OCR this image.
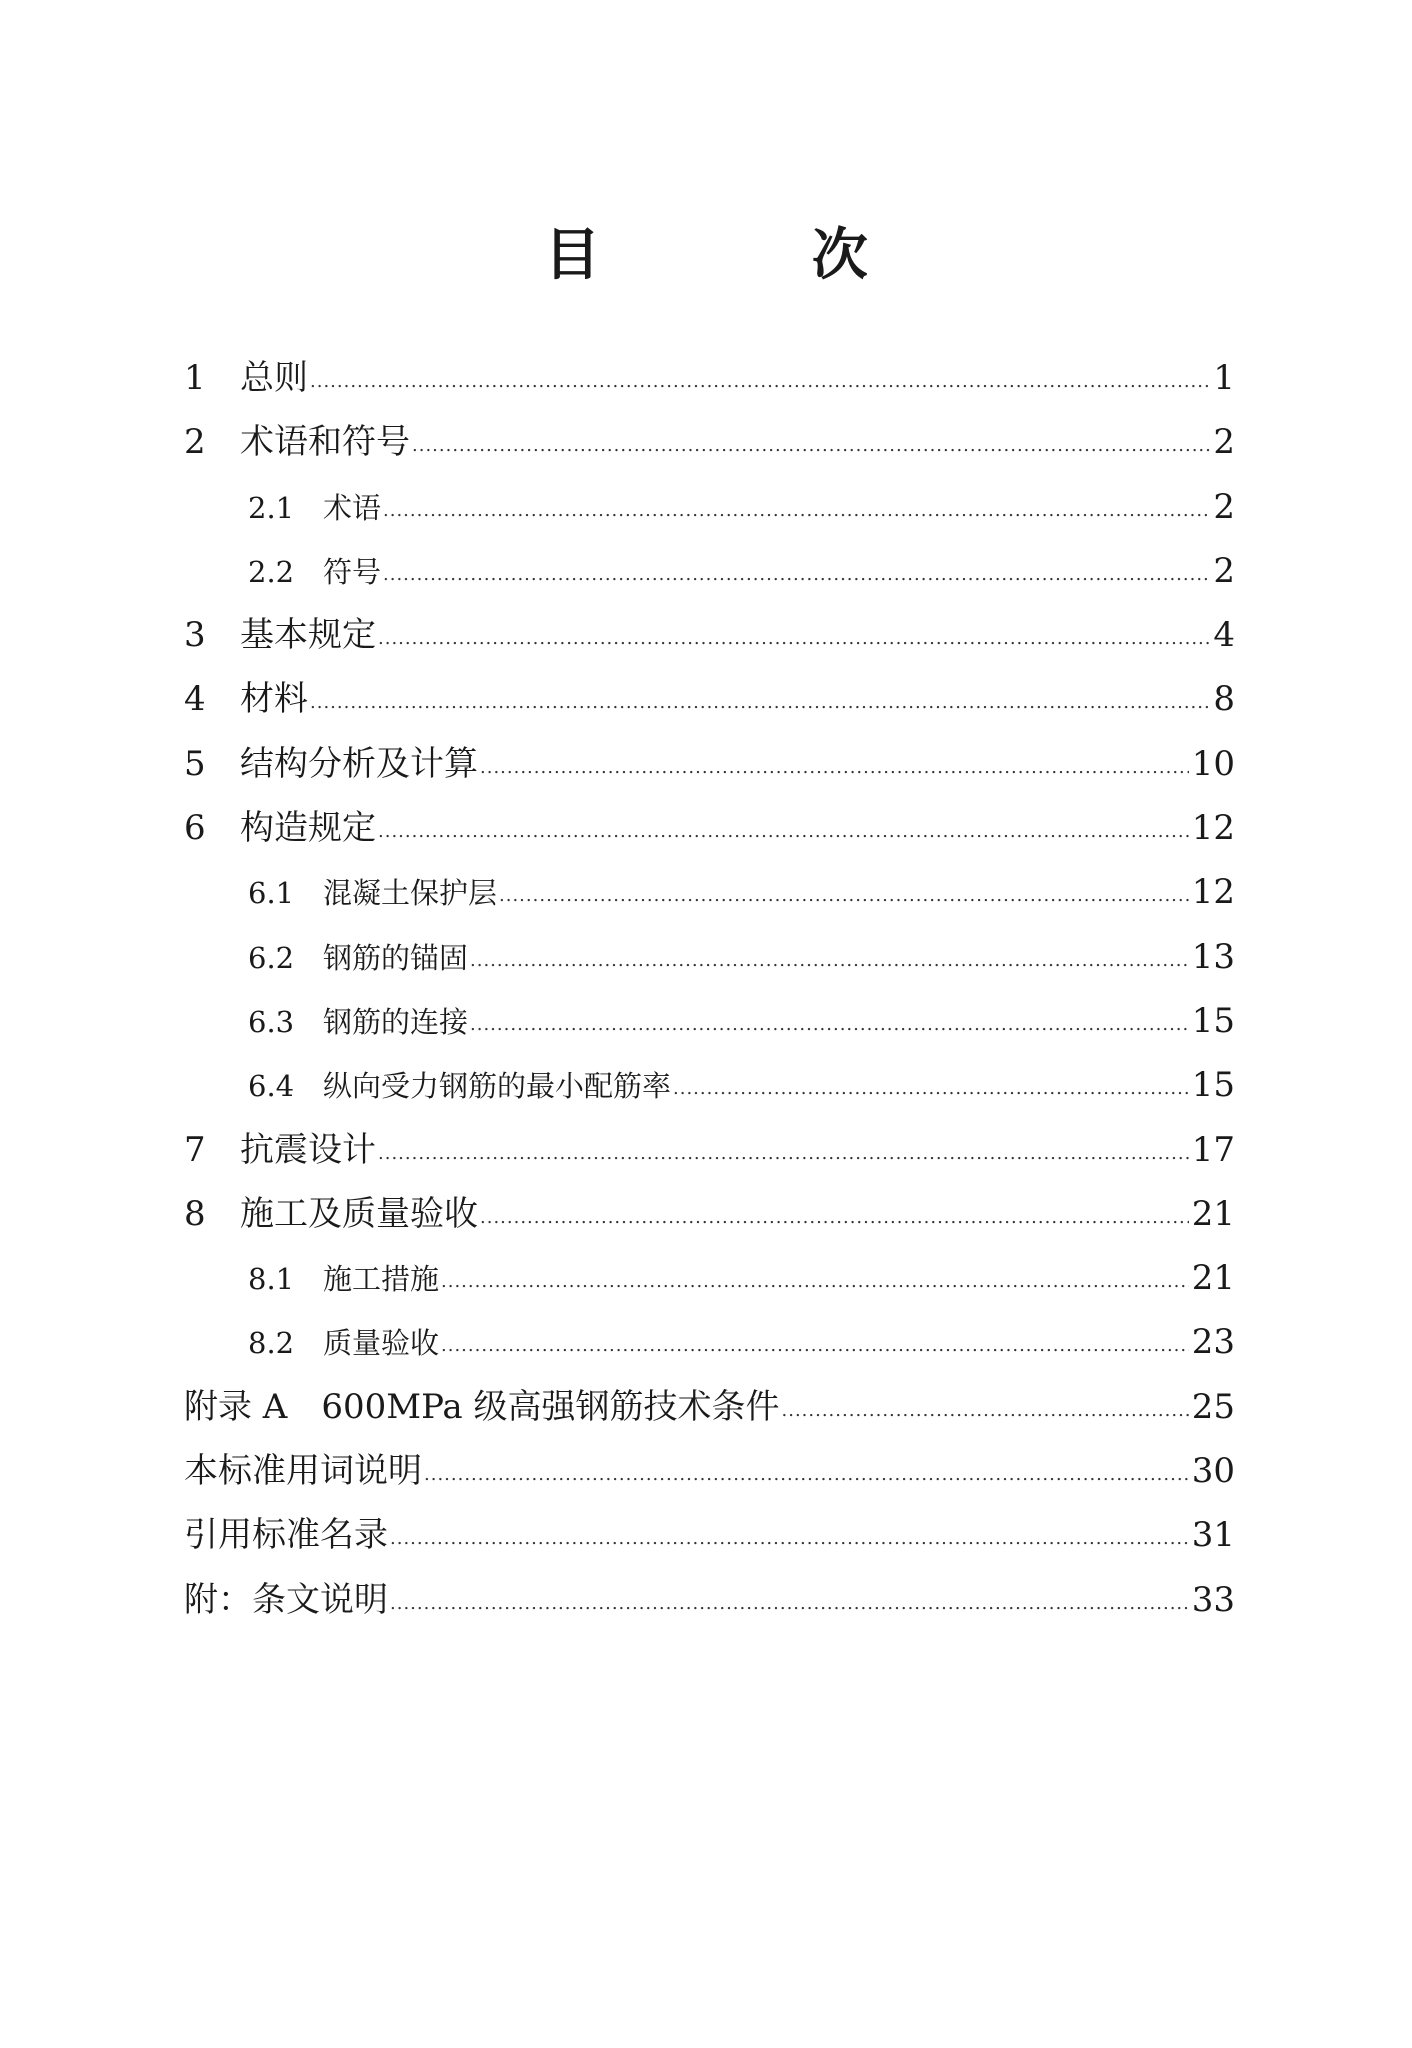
目 次
1	总则 .....	1
2	术语和符号 .....	2
2.1 术语 .....	2
2.2 符号 .....	2
3	基本规定 .....	4
4	材料 .....	8
5	结构分析及计算 .....	10
6	构造规定 .....	12
6.1 混凝土保护层 .....	12
6.2 钢筋的锚固 .....	13
6.3 钢筋的连接 .....	15
6.4 纵向受力钢筋的最小配筋率 .....	15
7	抗震设计 .....	17
8	施工及质量验收 .....	21
8.1 施工措施 .....	21
8.2 质量验收 .....	23
附录 A　600MPa 级高强钢筋技术条件 .....	25
本标准用词说明 .....	30
引用标准名录 .....	31
附：条文说明 .....	33
